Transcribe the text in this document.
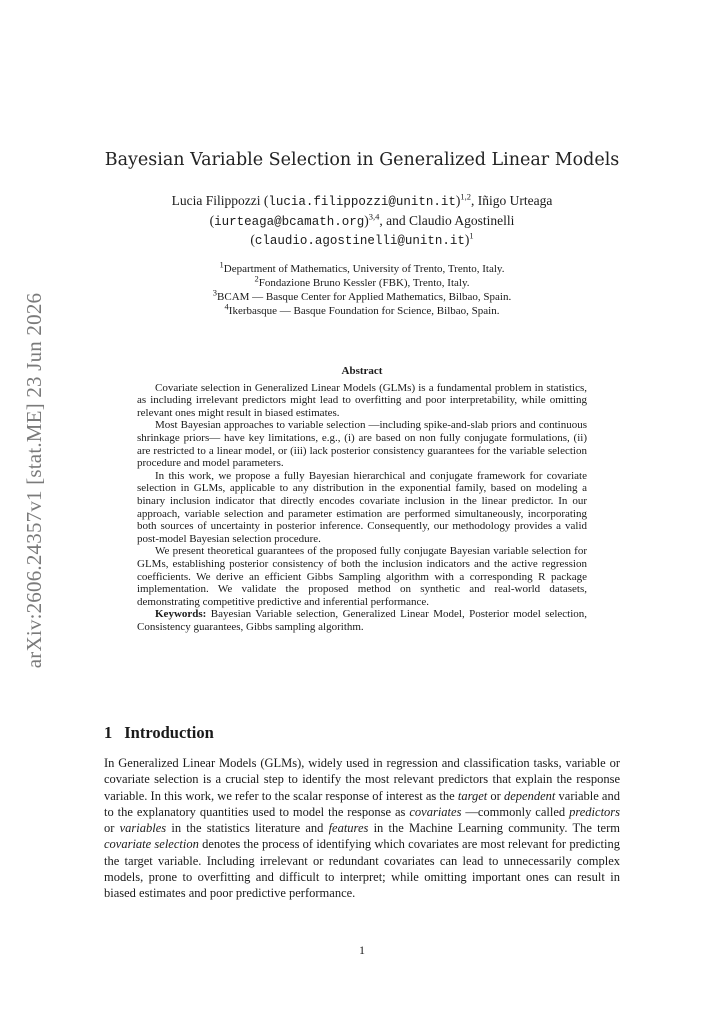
arXiv:2606.24357v1 [stat.ME] 23 Jun 2026
Bayesian Variable Selection in Generalized Linear Models
Lucia Filippozzi (lucia.filippozzi@unitn.it)$^{1,2}$, Iñigo Urteaga
(iurteaga@bcamath.org)$^{3,4}$, and Claudio Agostinelli
(claudio.agostinelli@unitn.it)$^1$
$^1$Department of Mathematics, University of Trento, Trento, Italy.
$^2$Fondazione Bruno Kessler (FBK), Trento, Italy.
$^3$BCAM — Basque Center for Applied Mathematics, Bilbao, Spain.
$^4$Ikerbasque — Basque Foundation for Science, Bilbao, Spain.
Abstract

Covariate selection in Generalized Linear Models (GLMs) is a fundamental problem in statistics, as including irrelevant predictors might lead to overfitting and poor interpretability, while omitting relevant ones might result in biased estimates.

Most Bayesian approaches to variable selection —including spike-and-slab priors and continuous shrinkage priors— have key limitations, e.g., (i) are based on non fully conjugate formulations, (ii) are restricted to a linear model, or (iii) lack posterior consistency guarantees for the variable selection procedure and model parameters.

In this work, we propose a fully Bayesian hierarchical and conjugate framework for covariate selection in GLMs, applicable to any distribution in the exponential family, based on modeling a binary inclusion indicator that directly encodes covariate inclusion in the linear predictor. In our approach, variable selection and parameter estimation are performed simultaneously, incorporating both sources of uncertainty in posterior inference. Consequently, our methodology provides a valid post-model Bayesian selection procedure.

We present theoretical guarantees of the proposed fully conjugate Bayesian variable selection for GLMs, establishing posterior consistency of both the inclusion indicators and the active regression coefficients. We derive an efficient Gibbs Sampling algorithm with a corresponding R package implementation. We validate the proposed method on synthetic and real-world datasets, demonstrating competitive predictive and inferential performance.

Keywords: Bayesian Variable selection, Generalized Linear Model, Posterior model selection, Consistency guarantees, Gibbs sampling algorithm.

1 Introduction

In Generalized Linear Models (GLMs), widely used in regression and classification tasks, variable or covariate selection is a crucial step to identify the most relevant predictors that explain the response variable. In this work, we refer to the scalar response of interest as the target or dependent variable and to the explanatory quantities used to model the response as covariates —commonly called predictors or variables in the statistics literature and features in the Machine Learning community. The term covariate selection denotes the process of identifying which covariates are most relevant for predicting the target variable. Including irrelevant or redundant covariates can lead to unnecessarily complex models, prone to overfitting and difficult to interpret; while omitting important ones can result in biased estimates and poor predictive performance.

1
